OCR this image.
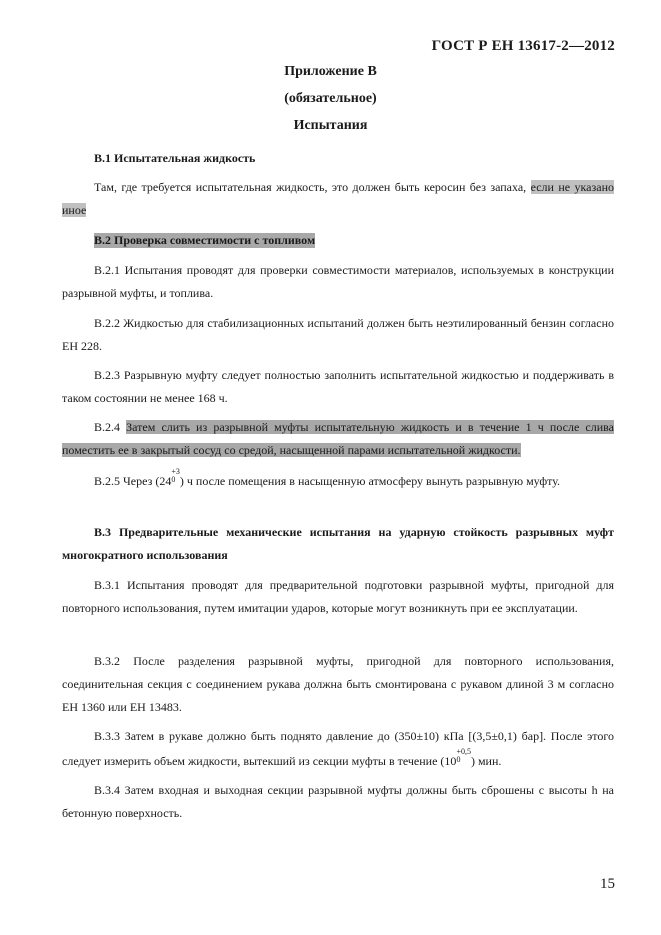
ГОСТ Р ЕН 13617-2—2012
Приложение В
(обязательное)
Испытания
В.1 Испытательная жидкость
Там, где требуется испытательная жидкость, это должен быть керосин без запаха, если не указано иное
В.2 Проверка совместимости с топливом
В.2.1 Испытания проводят для проверки совместимости материалов, используемых в конструкции разрывной муфты, и топлива.
В.2.2 Жидкостью для стабилизационных испытаний должен быть неэтилированный бензин согласно ЕН 228.
В.2.3 Разрывную муфту следует полностью заполнить испытательной жидкостью и поддерживать в таком состоянии не менее 168 ч.
В.2.4 Затем слить из разрывной муфты испытательную жидкость и в течение 1 ч после слива поместить ее в закрытый сосуд со средой, насыщенной парами испытательной жидкости.
В.2.5 Через (24
$^{+3 0}$ ) ч после помещения в насыщенную атмосферу вынуть разрывную муфту.
В.3 Предварительные механические испытания на ударную стойкость разрывных муфт многократного использования
В.3.1 Испытания проводят для предварительной подготовки разрывной муфты, пригодной для повторного использования, путем имитации ударов, которые могут возникнуть при ее эксплуатации.
В.3.2 После разделения разрывной муфты, пригодной для повторного использования, соединительная секция с соединением рукава должна быть смонтирована с рукавом длиной 3 м согласно ЕН 1360 или ЕН 13483.
В.3.3 Затем в рукаве должно быть поднято давление до (350±10) кПа [(3,5±0,1) бар]. После этого следует измерить объем жидкости, вытекший из секции муфты в течение (10
$^{+0,5 0}$ ) мин.
В.3.4 Затем входная и выходная секции разрывной муфты должны быть сброшены с высоты h на бетонную поверхность.
15
